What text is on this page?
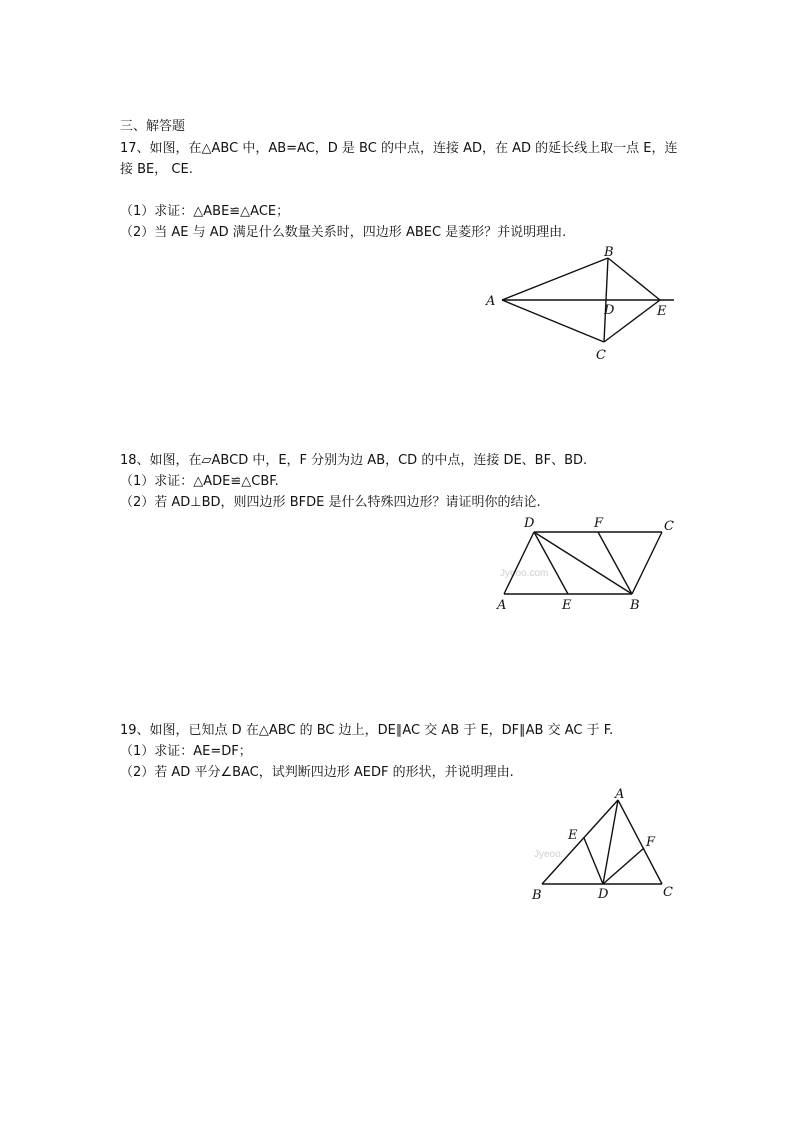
三、解答题
17、如图，在△ABC 中，AB=AC，D 是 BC 的中点，连接 AD，在 AD 的延长线上取一点 E，连
接 BE， CE.
（1）求证：△ABE≌△ACE；
（2）当 AE 与 AD 满足什么数量关系时，四边形 ABEC 是菱形？并说明理由.
A
B
C
D	E
18、如图，在▱ABCD 中，E，F 分别为边 AB，CD 的中点，连接 DE、BF、BD.
（1）求证：△ADE≌△CBF.
（2）若 AD⊥BD，则四边形 BFDE 是什么特殊四边形？请证明你的结论.
Jyeoo.com
A	E	B
D	F	C
19、如图，已知点 D 在△ABC 的 BC 边上，DE∥AC 交 AB 于 E，DF∥AB 交 AC 于 F.
（1）求证：AE=DF；
（2）若 AD 平分∠BAC，试判断四边形 AEDF 的形状，并说明理由.
Jyeoo
A
E	F
B	D	C
